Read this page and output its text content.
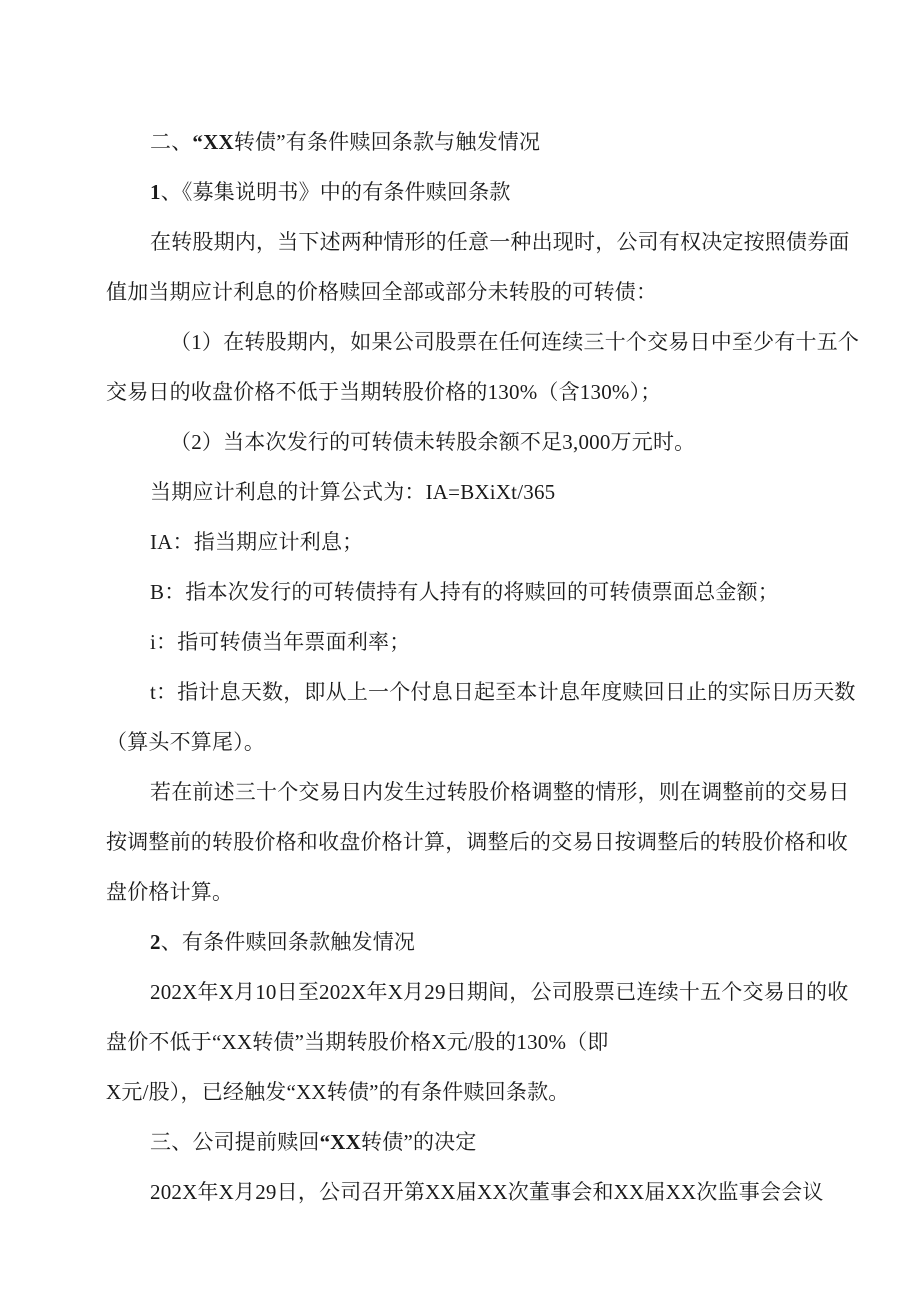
二、“XX转债”有条件赎回条款与触发情况
1、《募集说明书》中的有条件赎回条款
在转股期内，当下述两种情形的任意一种出现时，公司有权决定按照债券面
值加当期应计利息的价格赎回全部或部分未转股的可转债：
（1）在转股期内，如果公司股票在任何连续三十个交易日中至少有十五个
交易日的收盘价格不低于当期转股价格的130%（含130%）；
（2）当本次发行的可转债未转股余额不足3,000万元时。
当期应计利息的计算公式为：IA=BXiXt/365
IA：指当期应计利息；
B：指本次发行的可转债持有人持有的将赎回的可转债票面总金额；
i：指可转债当年票面利率；
t：指计息天数，即从上一个付息日起至本计息年度赎回日止的实际日历天数
（算头不算尾）。
若在前述三十个交易日内发生过转股价格调整的情形，则在调整前的交易日
按调整前的转股价格和收盘价格计算，调整后的交易日按调整后的转股价格和收
盘价格计算。
2、有条件赎回条款触发情况
202X年X月10日至202X年X月29日期间，公司股票已连续十五个交易日的收
盘价不低于“XX转债”当期转股价格X元/股的130%（即
X元/股），已经触发“XX转债”的有条件赎回条款。
三、公司提前赎回“XX转债”的决定
202X年X月29日，公司召开第XX届XX次董事会和XX届XX次监事会会议
